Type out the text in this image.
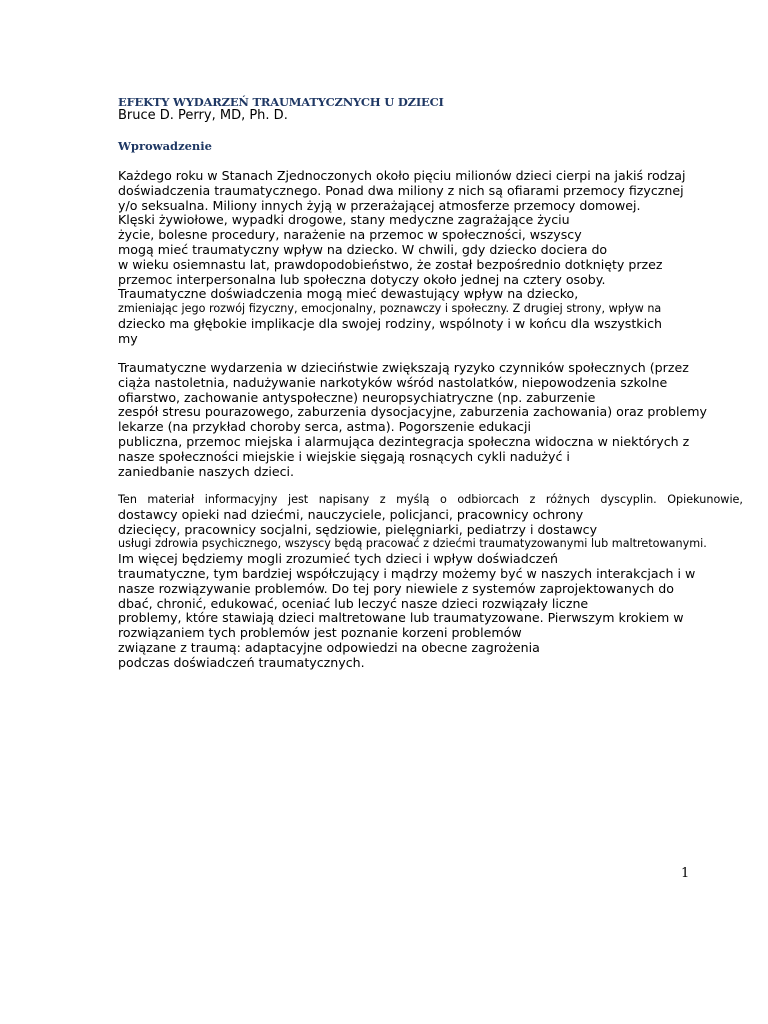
EFEKTY WYDARZEŃ TRAUMATYCZNYCH U DZIECI
Bruce D. Perry, MD, Ph. D.
Wprowadzenie
Każdego roku w Stanach Zjednoczonych około pięciu milionów dzieci cierpi na jakiś rodzaj
doświadczenia traumatycznego. Ponad dwa miliony z nich są ofiarami przemocy fizycznej
y/o seksualna. Miliony innych żyją w przerażającej atmosferze przemocy domowej.
Klęski żywiołowe, wypadki drogowe, stany medyczne zagrażające życiu
życie, bolesne procedury, narażenie na przemoc w społeczności, wszyscy
mogą mieć traumatyczny wpływ na dziecko. W chwili, gdy dziecko dociera do
w wieku osiemnastu lat, prawdopodobieństwo, że został bezpośrednio dotknięty przez
przemoc interpersonalna lub społeczna dotyczy około jednej na cztery osoby.
Traumatyczne doświadczenia mogą mieć dewastujący wpływ na dziecko,
zmieniając jego rozwój fizyczny, emocjonalny, poznawczy i społeczny. Z drugiej strony, wpływ na
dziecko ma głębokie implikacje dla swojej rodziny, wspólnoty i w końcu dla wszystkich
my
Traumatyczne wydarzenia w dzieciństwie zwiększają ryzyko czynników społecznych (przez
ciąża nastoletnia, nadużywanie narkotyków wśród nastolatków, niepowodzenia szkolne
ofiarstwo, zachowanie antyspołeczne) neuropsychiatryczne (np. zaburzenie
zespół stresu pourazowego, zaburzenia dysocjacyjne, zaburzenia zachowania) oraz problemy
lekarze (na przykład choroby serca, astma). Pogorszenie edukacji
publiczna, przemoc miejska i alarmująca dezintegracja społeczna widoczna w niektórych z
nasze społeczności miejskie i wiejskie sięgają rosnących cykli nadużyć i
zaniedbanie naszych dzieci.
Ten materiał informacyjny jest napisany z myślą o odbiorcach z różnych dyscyplin. Opiekunowie,
dostawcy opieki nad dziećmi, nauczyciele, policjanci, pracownicy ochrony
dziecięcy, pracownicy socjalni, sędziowie, pielęgniarki, pediatrzy i dostawcy
usługi zdrowia psychicznego, wszyscy będą pracować z dziećmi traumatyzowanymi lub maltretowanymi.
Im więcej będziemy mogli zrozumieć tych dzieci i wpływ doświadczeń
traumatyczne, tym bardziej współczujący i mądrzy możemy być w naszych interakcjach i w
nasze rozwiązywanie problemów. Do tej pory niewiele z systemów zaprojektowanych do
dbać, chronić, edukować, oceniać lub leczyć nasze dzieci rozwiązały liczne
problemy, które stawiają dzieci maltretowane lub traumatyzowane. Pierwszym krokiem w
rozwiązaniem tych problemów jest poznanie korzeni problemów
związane z traumą: adaptacyjne odpowiedzi na obecne zagrożenia
podczas doświadczeń traumatycznych.
1
